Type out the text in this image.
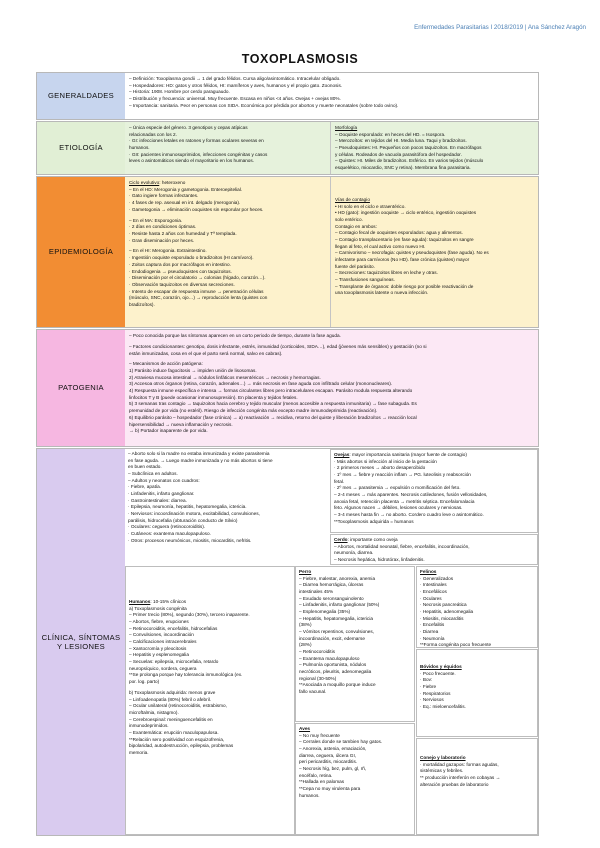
Enfermedades Parasitarias I 2018/2019 | Ana Sánchez Aragón
TOXOPLASMOSIS
GENERALDADES
– Definición: Toxoplasma gondii → 1 del grado félidos. Cursa aligo/asintomático. Intracelular obligado.
– Hospedadores: HD: gatos y otros félidos, HI: mamíferos y aves, humanos y el propio gato. Zoonosis.
– Historia: 1908. Hombre por cerdo paraguaudo.
– Distribución y frecuencia: universal. Muy frecuente. Escasa en niños <4 años. Ovejas + ovejas 80%.
– Importancia: sanitaria. Peor en personas con SIDA. Económica por pérdida por abortos y muerte neonatales (sobre todo ovino).
ETIOLOGÍA
– Única especie del género. 3 genotipos y cepas atípicas
relacionadas con los 2.
· GI: infecciones letales en ratones y formas oculares severas en
humanos.
· GII: pacientes inmunosuprimidos, infecciones congénitas y casos
leves o asintomáticos siendo el mayoritario en los humanos.
Morfología
– Ooquiste esporulado: en heces del HD. = Isospora.
– Merozoítos: en tejidos del HI. Media luna. Taqui y bradizoítos.
– Pseudoquistes: HI. Pequeños con pocos taquizoítos. En macrófagos
y células. Rodeados de vacuola parasitófora del hospedador.
– Quistes: HI. Miles de bradizoítos. Esférico. En varios tejidos (músculo
esquelético, miocardio, SNC y retina). Membrana fina parasitaria.
EPIDEMIOLOGÍA
Ciclo evolutivo: heteroxeno
– En el HD: Merogonia y gametogonia. Enteroepitelial.
· Gato ingiere formas infectantes.
· 4 fases de rep. asexual en int. delgado (merogonia).
· Gametogonia → eliminación ooquistes sin esporular por heces.

– En el MA: Esporogonia.
· 2 días en condiciones óptimas.
· Resiste hasta 2 años con humedad y Tª templada.
· Gran diseminación por heces.

– En el HI: Merogonia. Extraintestino.
· Ingestión ooquiste esporulado o bradizoitos (HI carnívoro).
· Zoitos captura dos por macrófagos en intestino.
· Endodiogenia → pseudoquistes con taquizoitos.
· Diseminación por el circulatorio → colonias (hígado, corazón…).
· Observación taquizoitos en diversas secreciones.
· Intento de escapar de respuesta inmune → penetración células
(músculo, SNC, corazón, ojo…) → reproducción lenta (quistes con
bradizoítos).
Vías de contagio
• HI solo en el ciclo e xtraentérico.
• HD (gato): ingestión ooquiste → ciclo entérico, ingestión ooquistes
solo entérico.
Contagio en ambos:
– Contagio fecal de ooquistes esporulados: agua y alimentos.
– Contagio transplacentario (en fase aguda): taquizoitos en sangre
llegan al feto, el cual activo como nuevo HI.
– Carnivorismo – necrofagia: quistes y pseudoquistes (fase aguda). No es
infectante para carnívoros (No HD). fase crónica (quistes) mayor
fuente del parásito.
– Secreciones: taquizoitos libres en leche y otras.
– Transfusiones sanguíneas.
– Transplante de órganos: doble riesgo por posible reactivación de
una toxoplasmosis latente o nueva infección.
PATOGENIA
– Poco conocida porque las síntomas aparecen en un corto periodo de tiempo, durante la fase aguda.

– Factores condicionantes: genotipo, dosis infectante, estrés, inmunidad (corticoides, SIDA…), edad (jóvenes más sensibles) y gestación (no si
están inmunizadas, cosa en el que el parto será normal, salvo en cabras).

– Mecanismos de acción patógena:
1) Parásito induce fagocitosis → impiden unión de lisosomas.
2) Atraviesa mucosa intestinal → nódulos linfáticos mesentéricos → necrosis y hemorragias.
3) Accesoa otros órganos (retina, corazón, adrenales…) → más necrosis en fase aguda con infiltrado celular (mononucleares).
4) Respuesta inmune específica e intensa → formas circulantes libres pero intracelulares escapan. Parásito modula respuesta alterando
linfocitos T y B (puede ocasionar inmunosupresión). En placenta y tejidos fetales.
5) 3 semanas tras contagio → taquizoitos hacia cerebro y tejido muscular (menos accesible a respuesta inmunitaria) → fase subaguda. Es
premunidad de por vida (no estéril). Riesgo de infección congénita más excepto madre inmunodeprimida (reactivación).
6) Equilibrio parásito – hospedador (fase crónica) → a) reactivación → recidiva, retorno del quiste y liberación bradizoítos → reacción local
hipersensibilidad → nueva inflamación y necrosis.
→ b) Portador inaparente de por vida.
CLÍNICA, SÍNTOMAS Y LESIONES
– Aborto solo si la madre no estaba inmunizada y existe parasitemia
en fase aguda. → Luego madre inmunizada y no más abortos si tiene
en buen estado.
– Subclínica en adultos.
– Adultos y neonatos con cuadros:
· Fiebre, apatía.
· Linfadenitis, infarto ganglionar.
· Gastrointestinales: diarrea.
· Epilepsia, neumonía, hepatitis, hepatomegalia, ictericia.
· Nerviosos: incoordinación motora, excitabilidad, convulsiones,
parálisis, hidrocefalia (obturación conducto de Silvio)
· Oculares: ceguera (retinocoroiditis).
· Cutáneos: exantema maculopapuloso.
· Otros: procesos neumónicos, miositis, miocarditis, nefritis.
Ovejas: mayor importancia sanitaria (mayor fuente de contagio)
· Más abortos si infección al inicio de la gestación
· 2 primeros meses → aborto desapercibido
· 1º mes → fiebre y reacción inflam → PG. luteolisis y reabsorción
fetal.
· 2º mes → parasitemia → expulsión o momificación del feto.
– 2-4 meses → más aparentes. Necrosis cotiledones, fusión vellosidades,
anoxia fetal, retención placenta → metritis séptica. Encefalomalacia
feto. Algunos nacen → débiles, lesiones oculares y nerviosas.
– 3-4 meses hasta fin → no aborto. Cordero cuadro leve o asintomático.
**Toxoplasmosis adquirida = humanos
Cerdo: importante como oveja
– Abortos, mortalidad neonatal, fiebre, encefalitis, incoordinación,
neumonía, diarrea.
– Necrosis hepática, hidrotórax, linfadenitis.
Humanos: 10-15% clínicos
a) Toxoplasmosis congénita
– Primer trecio (80%), segundo (30%), tercero inaparente.
– Abortos, fiebre, erupciones
– Retinocoroiditis, encefalitis, hidrocefalias
– Convulsiones, incoordinación
– Calcificaciones intracerebrales
– Xantocromía y pleocitosis
– Hepatitis y esplenomegalia
– Secuelas: epilepsia, microcefalia, retardo
neuropsíquico, sordera, ceguera
**Se prolonga porque hay tolerancia inmunológica (ex.
por. log. parto)

b) Toxoplasmosis adquirida: menos grave
– Linfoadenopatía (80%) febril o afebril.
– Ocular unilateral (retinocoroiditis, estrabismo,
microftalmia, nistagmo).
– Cerebroespinal: meningoencefalitis en
inmunodeprimidos.
– Exantemática: erupción maculopapulosa.
**Relación sero positividad con esquizofrenia,
bipolaridad, autodestrucción, epilepsia, problemas
memoria.
Perro
– Fiebre, malestar, anorexia, anemia
– Diarrea hemorrágica, úlceras
intestinales 45%
– Exudado seronsanguinolento
– Linfadenitis, infarto ganglionar (50%)
– Esplenomegalia (35%)
– Hepatitis, hepatomegalia, ictericia
(38%)
– Vómitos repentinos, convulsiones,
incoordinación, excit, edemarse
(28%)
– Retinocoroiditis
– Exantema maculopapuloso
– Pulmonía oportunista, nódulos
necróticos, pleuritis, adenomegalia
regional (30-50%)
**Asociada a moquillo porque induce
fallo vacunal.
Aves
– No muy frecuente
– Cerrales donde se tambien hay gatos.
– Anorexia, astenia, emaciación,
diarrea, ceguera, úlcera GI,
peri pericarditis, miocarditis.
– Necrosis híg, bez, pulm, gl, rñ,
encéfalo, retina.
**Hallada en palomas
**Cepa no muy virulenta para
humanos.
Felinos
· Generalizados
· Intestinales
· Encefálicos
· Oculares
· Necrosis pancreática
· Hepatitis, adenomegalia
· Miositis, miocarditis
· Encefalitis
· Diarrea
· Neumonía
**Forma congénita poco frecuente
Bóvidos y équidos
· Poco frecuente.
· Bov:
· Fiebre
· Respiratorios
· Nerviosos
· Eq.: mieloencefalitis.
Conejo y laboratorio
· mortalidad gazapos: formas agudas,
sistémicas y febriles.
** producción interferón en cobayas →
alteración pruebas de laboratorio
